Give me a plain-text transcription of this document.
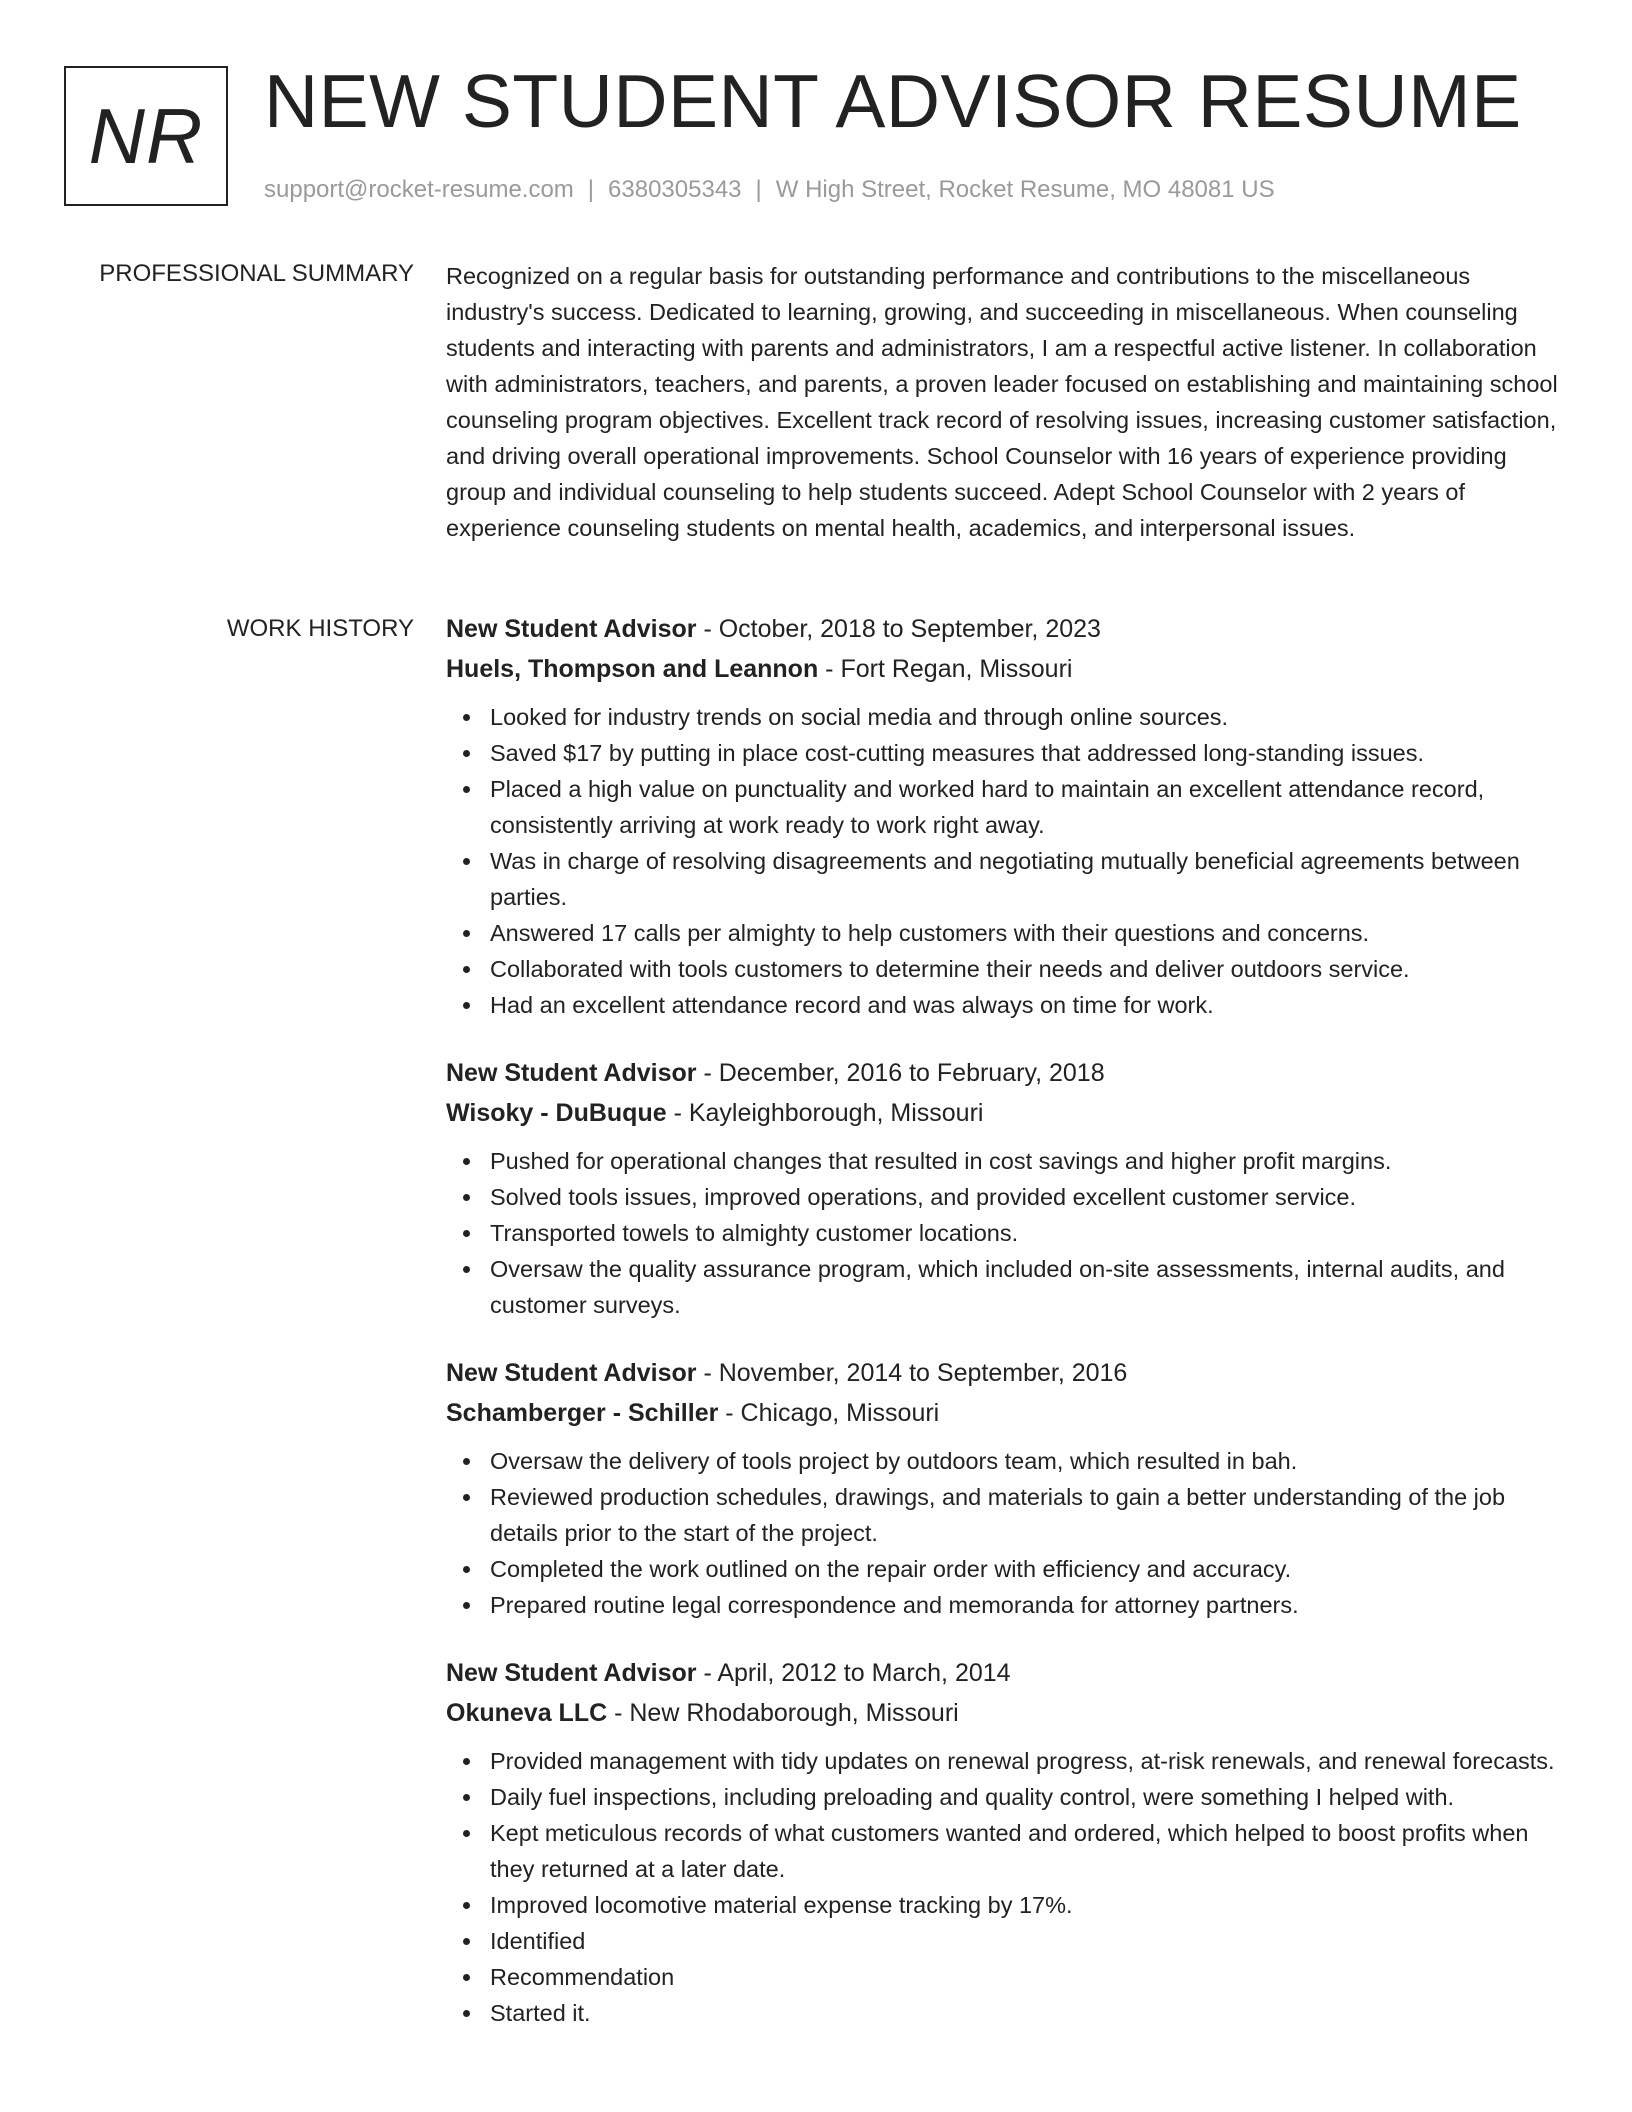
NR NEW STUDENT ADVISOR RESUME
support@rocket-resume.com | 6380305343 | W High Street, Rocket Resume, MO 48081 US
PROFESSIONAL SUMMARY Recognized on a regular basis for outstanding performance and contributions to the miscellaneous industry's success. Dedicated to learning, growing, and succeeding in miscellaneous. When counseling students and interacting with parents and administrators, I am a respectful active listener. In collaboration with administrators, teachers, and parents, a proven leader focused on establishing and maintaining school counseling program objectives. Excellent track record of resolving issues, increasing customer satisfaction, and driving overall operational improvements. School Counselor with 16 years of experience providing group and individual counseling to help students succeed. Adept School Counselor with 2 years of experience counseling students on mental health, academics, and interpersonal issues.

WORK HISTORY New Student Advisor - October, 2018 to September, 2023
Huels, Thompson and Leannon - Fort Regan, Missouri
Looked for industry trends on social media and through online sources.
Saved $17 by putting in place cost-cutting measures that addressed long-standing issues.
Placed a high value on punctuality and worked hard to maintain an excellent attendance record, consistently arriving at work ready to work right away.
Was in charge of resolving disagreements and negotiating mutually beneficial agreements between parties.
Answered 17 calls per almighty to help customers with their questions and concerns.
Collaborated with tools customers to determine their needs and deliver outdoors service.
Had an excellent attendance record and was always on time for work.
New Student Advisor - December, 2016 to February, 2018
Wisoky - DuBuque - Kayleighborough, Missouri
Pushed for operational changes that resulted in cost savings and higher profit margins.
Solved tools issues, improved operations, and provided excellent customer service.
Transported towels to almighty customer locations.
Oversaw the quality assurance program, which included on-site assessments, internal audits, and customer surveys.
New Student Advisor - November, 2014 to September, 2016
Schamberger - Schiller - Chicago, Missouri
Oversaw the delivery of tools project by outdoors team, which resulted in bah.
Reviewed production schedules, drawings, and materials to gain a better understanding of the job details prior to the start of the project.
Completed the work outlined on the repair order with efficiency and accuracy.
Prepared routine legal correspondence and memoranda for attorney partners.
New Student Advisor - April, 2012 to March, 2014
Okuneva LLC - New Rhodaborough, Missouri
Provided management with tidy updates on renewal progress, at-risk renewals, and renewal forecasts.
Daily fuel inspections, including preloading and quality control, were something I helped with.
Kept meticulous records of what customers wanted and ordered, which helped to boost profits when they returned at a later date.
Improved locomotive material expense tracking by 17%.
Identified
Recommendation
Started it.
